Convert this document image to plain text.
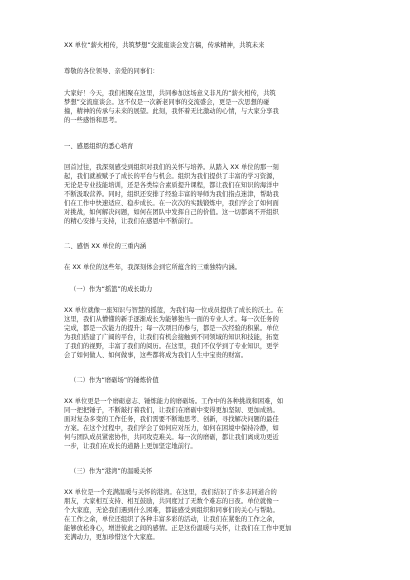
XX 单位“薪火相传，共筑梦想”交流座谈会发言稿，传承精神，共筑未来
尊敬的各位领导、亲爱的同事们：
大家好！今天，我们相聚在这里，共同参加这场意义非凡的“薪火相传，共筑
梦想”交流座谈会。这不仅是一次新老同事的交流盛会，更是一次思想的碰
撞，精神的传承与未来的展望。此刻，我怀着无比激动的心情，与大家分享我
的一些感悟和思考。
一、感恩组织的悉心培育
回首过往，我深刻感受到组织对我们的关怀与培养。从踏入 XX 单位的那一刻
起，我们就被赋予了成长的平台与机会。组织为我们提供了丰富的学习资源，
无论是专业技能培训，还是各类综合素质提升课程，都让我们在知识的海洋中
不断汲取营养。同时，组织还安排了经验丰富的导师为我们指点迷津，帮助我
们在工作中快速适应、稳步成长。在一次次的实践锻炼中，我们学会了如何面
对挑战，如何解决问题，如何在团队中发挥自己的价值。这一切都离不开组织
的精心安排与支持，让我们在感恩中不断前行。
二、感悟 XX 单位的三重内涵
在 XX 单位的这些年，我深刻体会到它所蕴含的三重独特内涵。
（一）作为“摇篮”的成长助力
XX 单位就像一座知识与智慧的摇篮，为我们每一位成员提供了成长的沃土。在
这里，我们从懵懂的新手逐渐成长为能够独当一面的专业人才。每一次任务的
完成，都是一次能力的提升；每一次项目的参与，都是一次经验的积累。单位
为我们搭建了广阔的平台，让我们有机会接触到不同领域的知识和技能，拓宽
了我们的视野，丰富了我们的阅历。在这里，我们不仅学到了专业知识，更学
会了如何做人、如何做事，这些都将成为我们人生中宝贵的财富。
（二）作为“磨砺场”的锤炼价值
XX 单位更是一个磨砺意志、锤炼能力的磨砺场。工作中的各种挑战和困难，如
同一把把锤子，不断敲打着我们，让我们在磨砺中变得更加坚韧、更加成熟。
面对复杂多变的工作任务，我们需要不断地思考、创新，寻找解决问题的最佳
方案。在这个过程中，我们学会了如何应对压力，如何在困境中保持冷静，如
何与团队成员紧密协作，共同攻克难关。每一次的磨砺，都让我们离成功更近
一步，让我们在成长的道路上更加坚定地前行。
（三）作为“港湾”的温暖关怀
XX 单位是一个充满温暖与关怀的港湾。在这里，我们结识了许多志同道合的
朋友，大家相互支持、相互鼓励，共同度过了无数个难忘的日夜。单位就像一
个大家庭，无论我们遇到什么困难，都能感受到组织和同事们的关心与帮助。
在工作之余，单位还组织了各种丰富多彩的活动，让我们在紧张的工作之余，
能够放松身心，增进彼此之间的感情。正是这份温暖与关怀，让我们在工作中更加
充满动力，更加珍惜这个大家庭。
